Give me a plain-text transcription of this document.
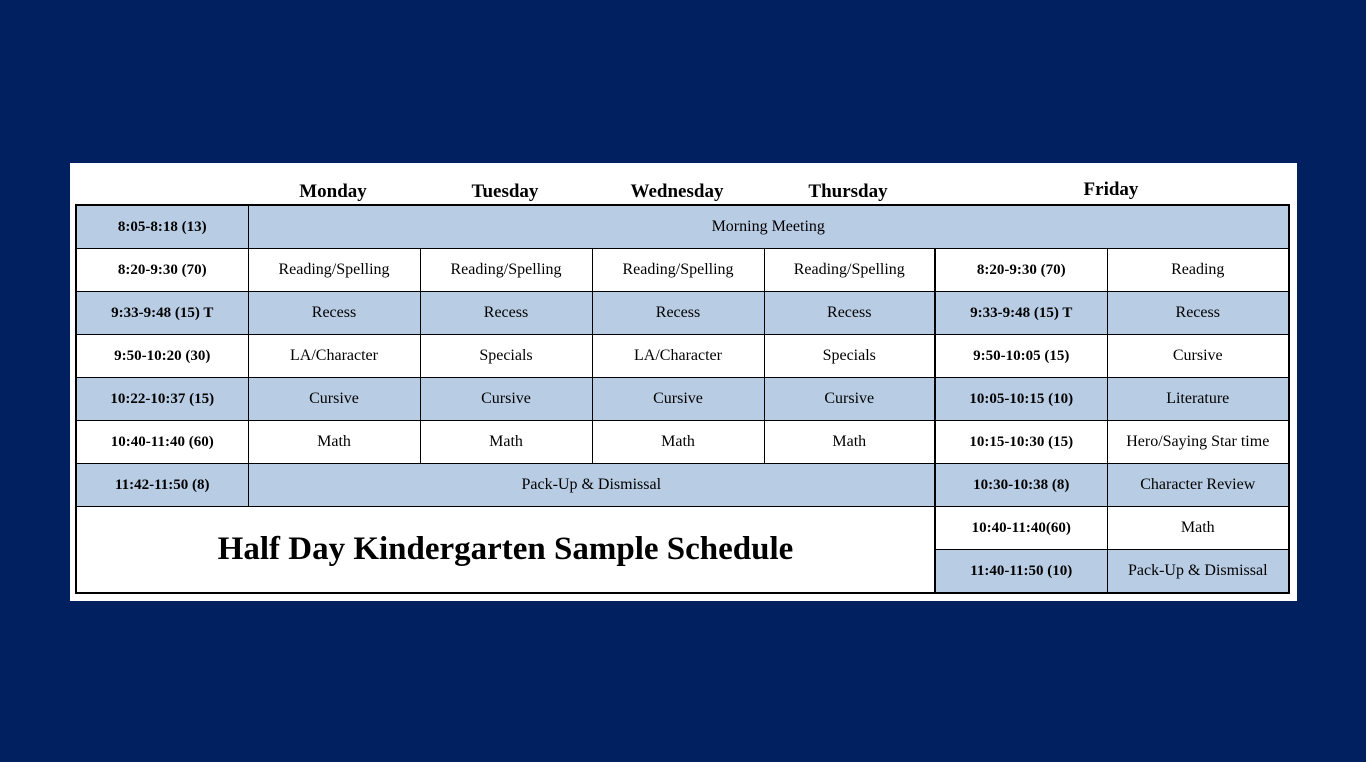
Monday	Tuesday	Wednesday	Thursday	Friday
8:05-8:18 (13)	Morning Meeting					
8:20-9:30 (70)	Reading/Spelling	Reading/Spelling	Reading/Spelling	Reading/Spelling	8:20-9:30 (70)	Reading
9:33-9:48 (15) T	Recess	Recess	Recess	Recess	9:33-9:48 (15) T	Recess
9:50-10:20 (30)	LA/Character	Specials	LA/Character	Specials	9:50-10:05 (15)	Cursive
10:22-10:37 (15)	Cursive	Cursive	Cursive	Cursive	10:05-10:15 (10)	Literature
10:40-11:40 (60)	Math	Math	Math	Math	10:15-10:30 (15)	Hero/Saying Star time
11:42-11:50 (8)	Pack-Up & Dismissal				10:30-10:38 (8)	Character Review
Half Day Kindergarten Sample Schedule					10:40-11:40(60)	Math
					11:40-11:50 (10)	Pack-Up & Dismissal
